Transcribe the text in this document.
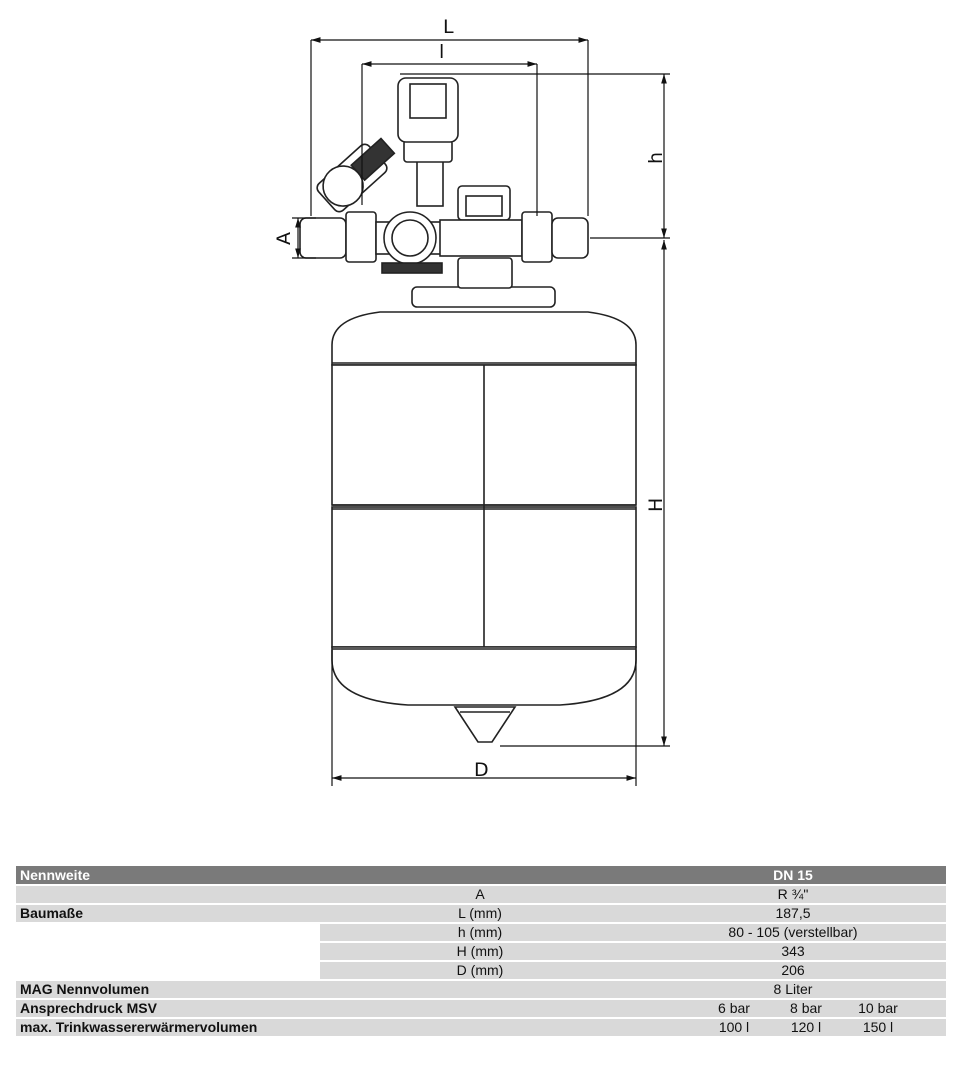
L
l
h
A
H
D
Nennweite		DN 15
	A	R ¾"
Baumaße	L (mm)	187,5
	h (mm)	80 - 105 (verstellbar)
	H (mm)	343
	D (mm)	206
MAG Nennvolumen		8 Liter
Ansprechdruck MSV		6 bar 8 bar 10 bar
max. Trinkwassererwärmervolumen		100 l 120 l 150 l
